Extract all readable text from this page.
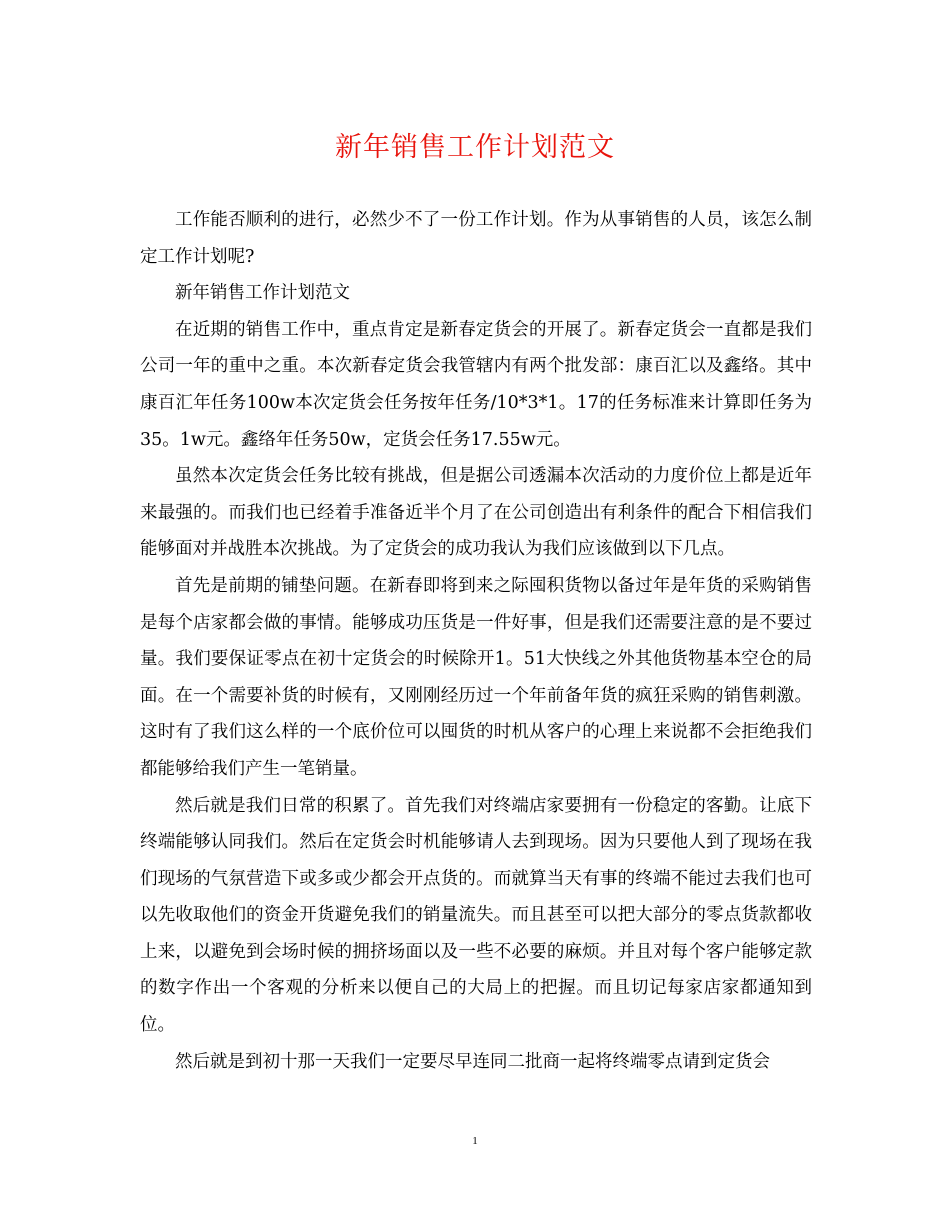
新年销售工作计划范文

工作能否顺利的进行，必然少不了一份工作计划。作为从事销售的人员，该怎么制定工作计划呢?

新年销售工作计划范文

在近期的销售工作中，重点肯定是新春定货会的开展了。新春定货会一直都是我们公司一年的重中之重。本次新春定货会我管辖内有两个批发部：康百汇以及鑫络。其中康百汇年任务100w本次定货会任务按年任务/10*3*1。17的任务标准来计算即任务为35。1w元。鑫络年任务50w，定货会任务17.55w元。

虽然本次定货会任务比较有挑战，但是据公司透漏本次活动的力度价位上都是近年来最强的。而我们也已经着手准备近半个月了在公司创造出有利条件的配合下相信我们能够面对并战胜本次挑战。为了定货会的成功我认为我们应该做到以下几点。

首先是前期的铺垫问题。在新春即将到来之际囤积货物以备过年是年货的采购销售是每个店家都会做的事情。能够成功压货是一件好事，但是我们还需要注意的是不要过量。我们要保证零点在初十定货会的时候除开1。51大快线之外其他货物基本空仓的局面。在一个需要补货的时候有，又刚刚经历过一个年前备年货的疯狂采购的销售刺激。这时有了我们这么样的一个底价位可以囤货的时机从客户的心理上来说都不会拒绝我们都能够给我们产生一笔销量。

然后就是我们日常的积累了。首先我们对终端店家要拥有一份稳定的客勤。让底下终端能够认同我们。然后在定货会时机能够请人去到现场。因为只要他人到了现场在我们现场的气氛营造下或多或少都会开点货的。而就算当天有事的终端不能过去我们也可以先收取他们的资金开货避免我们的销量流失。而且甚至可以把大部分的零点货款都收上来，以避免到会场时候的拥挤场面以及一些不必要的麻烦。并且对每个客户能够定款的数字作出一个客观的分析来以便自己的大局上的把握。而且切记每家店家都通知到位。

然后就是到初十那一天我们一定要尽早连同二批商一起将终端零点请到定货会

1
